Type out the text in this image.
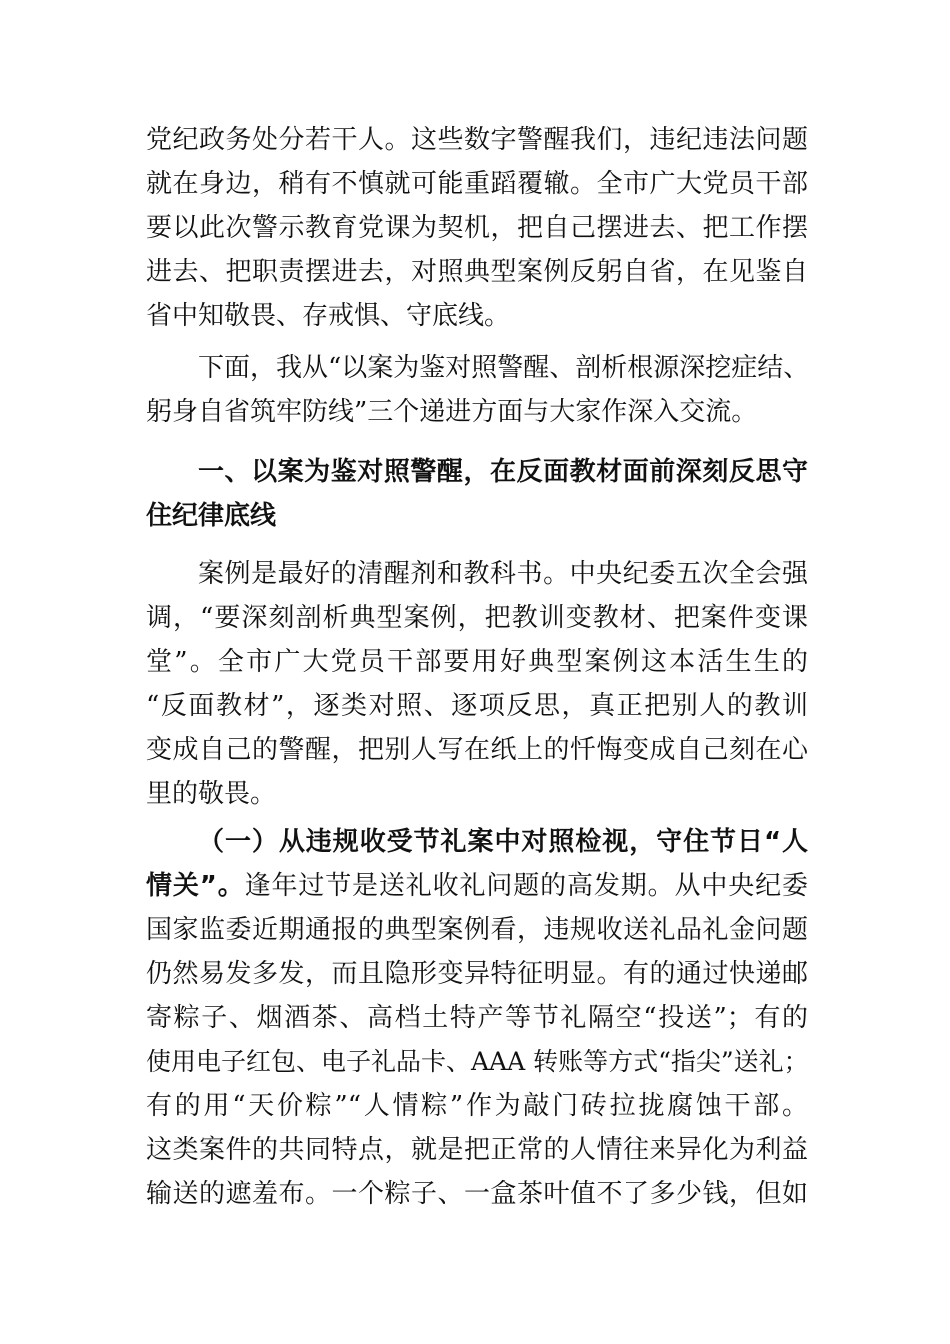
党纪政务处分若干人。这些数字警醒我们，违纪违法问题
就在身边，稍有不慎就可能重蹈覆辙。全市广大党员干部
要以此次警示教育党课为契机，把自己摆进去、把工作摆
进去、把职责摆进去，对照典型案例反躬自省，在见鉴自
省中知敬畏、存戒惧、守底线。
下面，我从“以案为鉴对照警醒、剖析根源深挖症结、
躬身自省筑牢防线”三个递进方面与大家作深入交流。
一、以案为鉴对照警醒，在反面教材面前深刻反思守
住纪律底线
案例是最好的清醒剂和教科书。中央纪委五次全会强
调，“要深刻剖析典型案例，把教训变教材、把案件变课
堂”。全市广大党员干部要用好典型案例这本活生生的
“反面教材”，逐类对照、逐项反思，真正把别人的教训
变成自己的警醒，把别人写在纸上的忏悔变成自己刻在心
里的敬畏。
（一）从违规收受节礼案中对照检视，守住节日“人
情关”。逢年过节是送礼收礼问题的高发期。从中央纪委
国家监委近期通报的典型案例看，违规收送礼品礼金问题
仍然易发多发，而且隐形变异特征明显。有的通过快递邮
寄粽子、烟酒茶、高档土特产等节礼隔空“投送”；有的
使用电子红包、电子礼品卡、AAA 转账等方式“指尖”送礼；
有的用“天价粽”“人情粽”作为敲门砖拉拢腐蚀干部。
这类案件的共同特点，就是把正常的人情往来异化为利益
输送的遮羞布。一个粽子、一盒茶叶值不了多少钱，但如
